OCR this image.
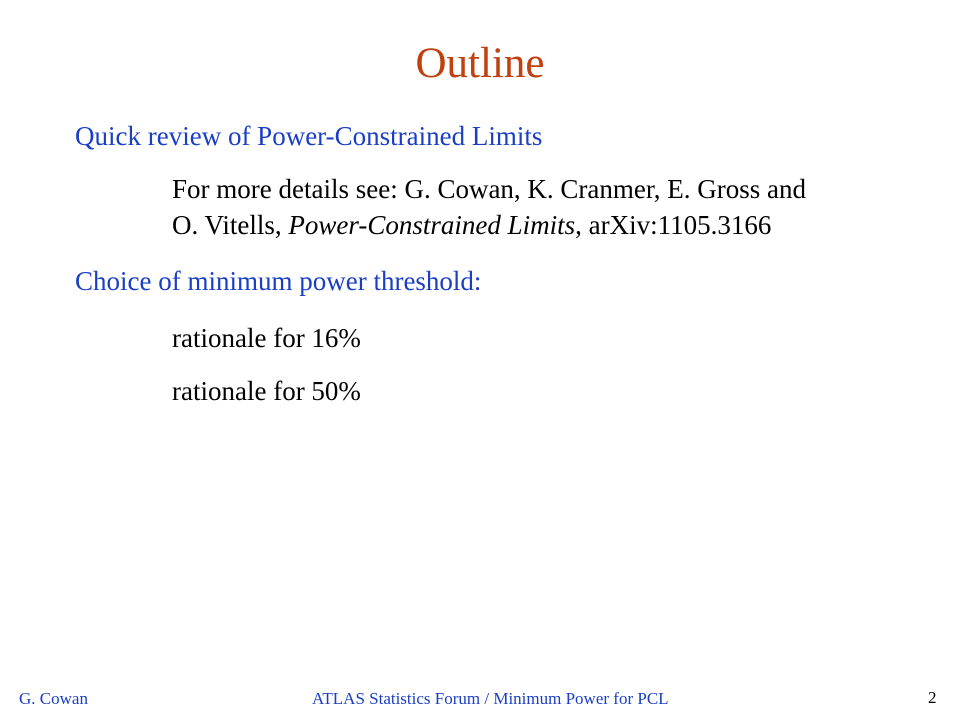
Outline
Quick review of Power-Constrained Limits
For more details see: G. Cowan, K. Cranmer, E. Gross and
O. Vitells, Power-Constrained Limits, arXiv:1105.3166
Choice of minimum power threshold:
rationale for 16%
rationale for 50%
G. Cowan	ATLAS Statistics Forum / Minimum Power for PCL	2
